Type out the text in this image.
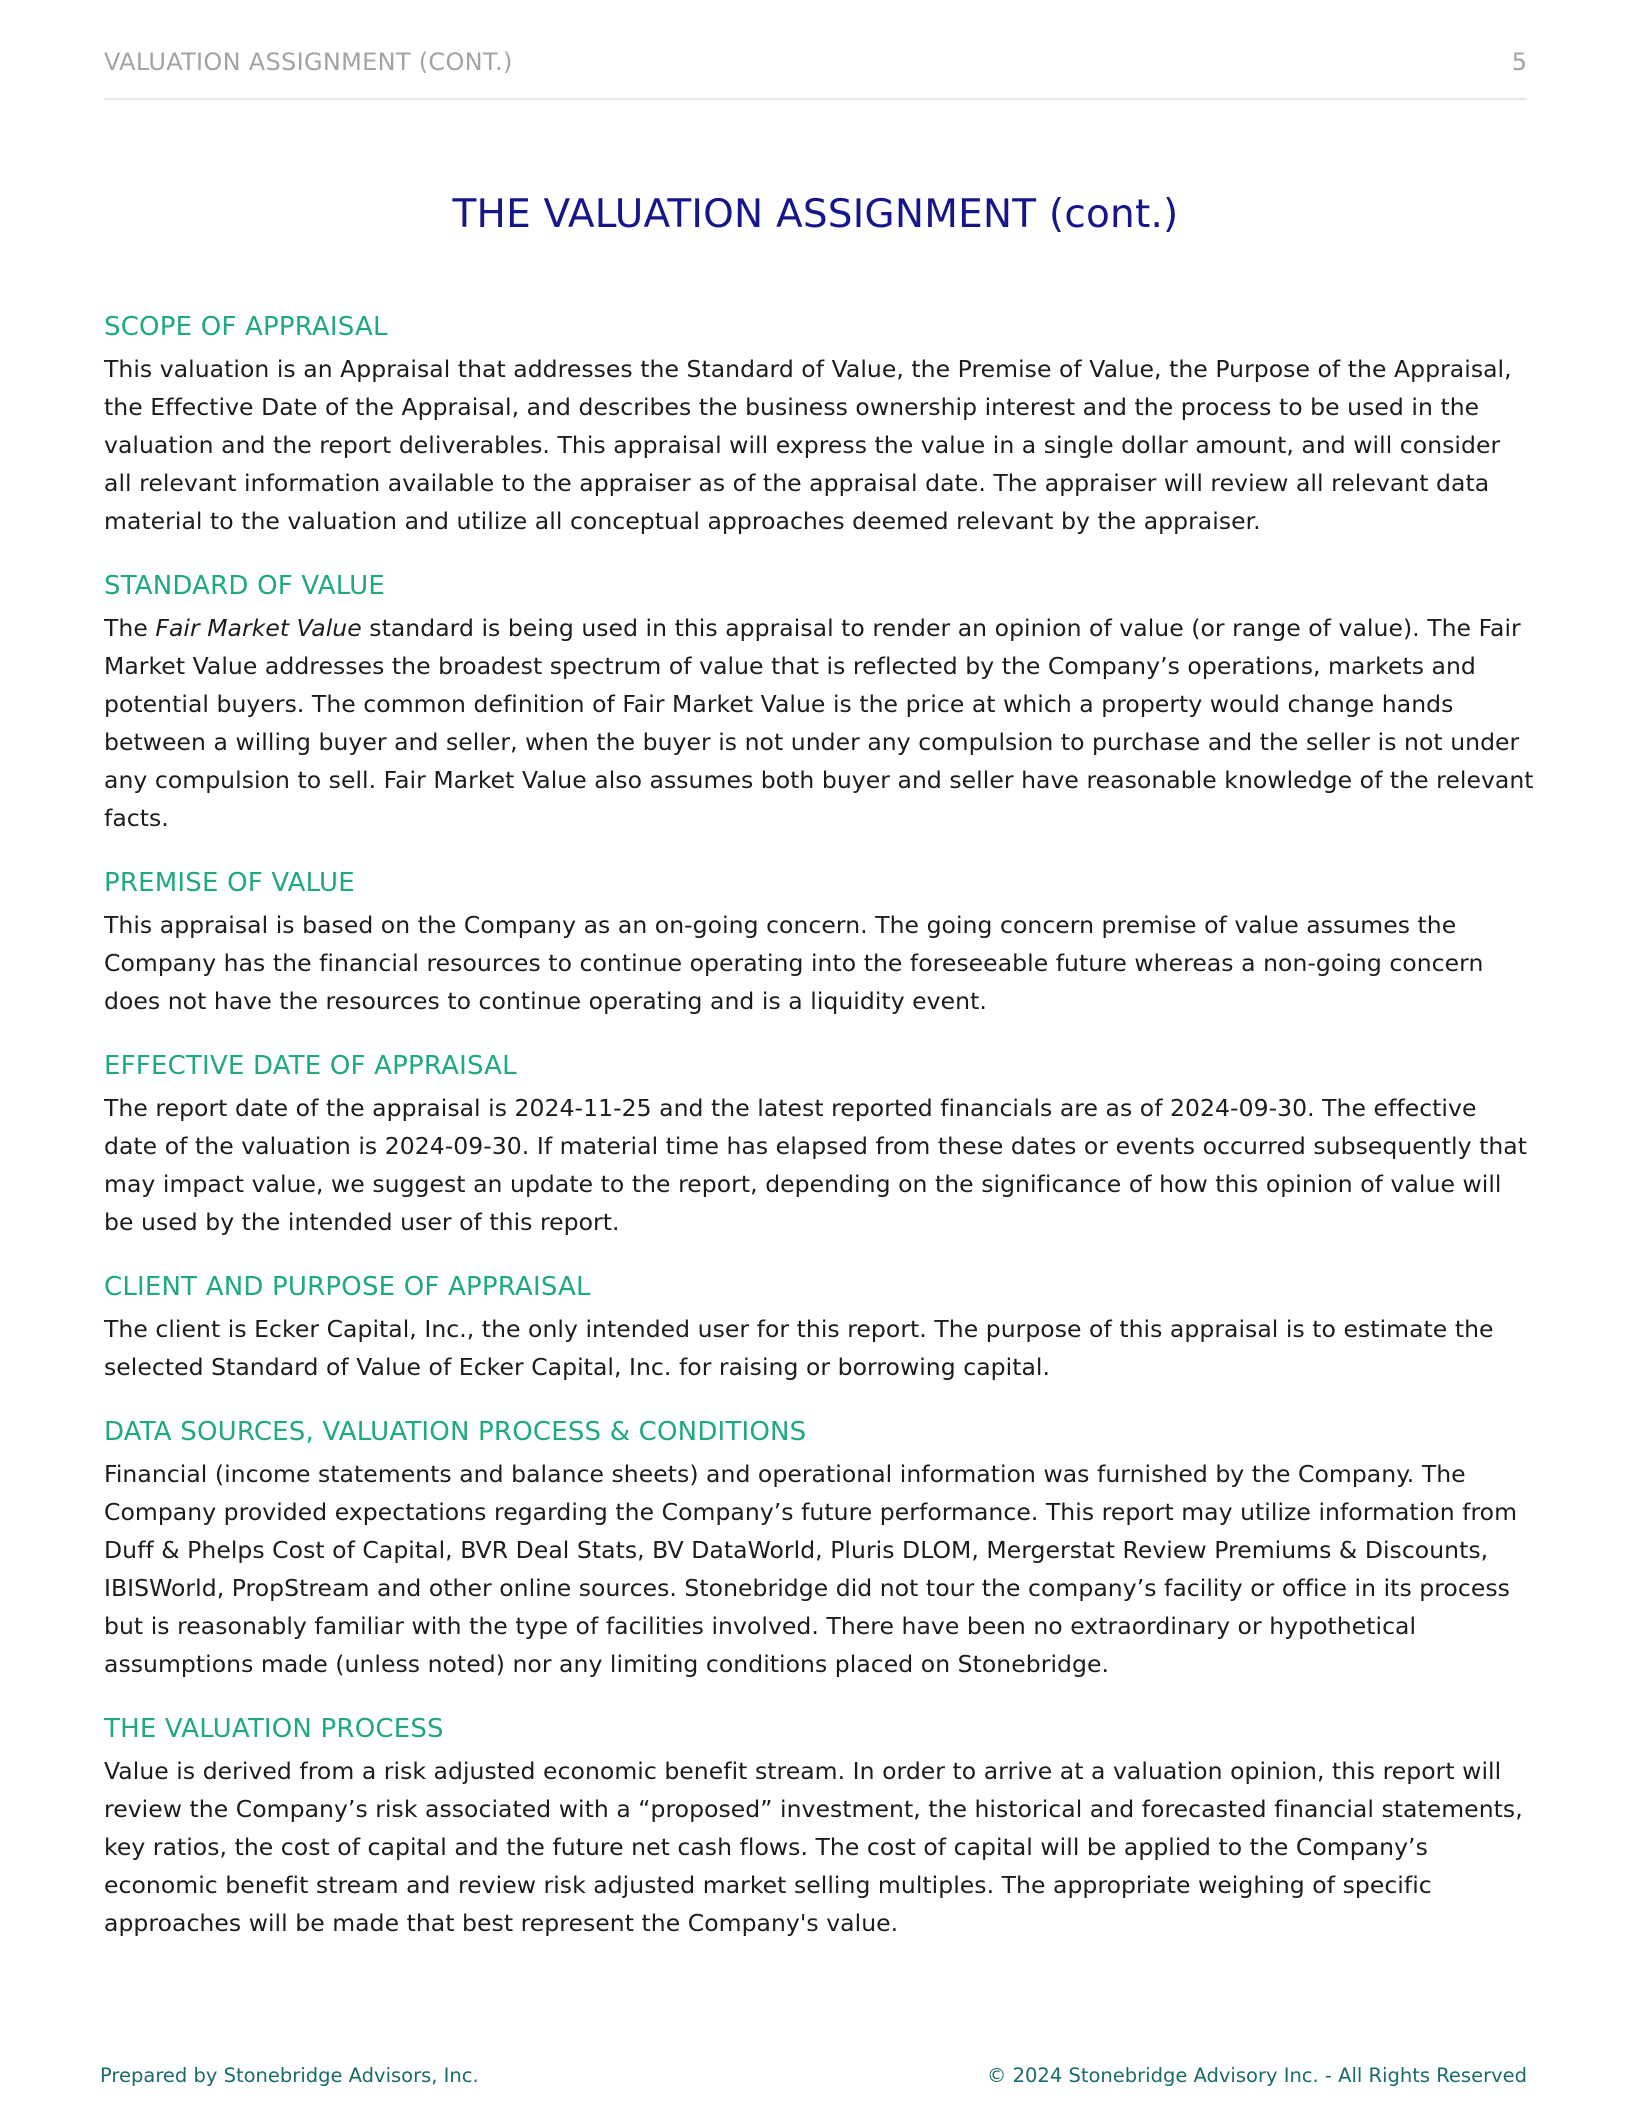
VALUATION ASSIGNMENT (CONT.)	5
THE VALUATION ASSIGNMENT (cont.)
SCOPE OF APPRAISAL

This valuation is an Appraisal that addresses the Standard of Value, the Premise of Value, the Purpose of the Appraisal, the Effective Date of the Appraisal, and describes the business ownership interest and the process to be used in the valuation and the report deliverables. This appraisal will express the value in a single dollar amount, and will consider all relevant information available to the appraiser as of the appraisal date. The appraiser will review all relevant data material to the valuation and utilize all conceptual approaches deemed relevant by the appraiser.

STANDARD OF VALUE

The Fair Market Value standard is being used in this appraisal to render an opinion of value (or range of value). The Fair Market Value addresses the broadest spectrum of value that is reflected by the Company’s operations, markets and potential buyers. The common definition of Fair Market Value is the price at which a property would change hands between a willing buyer and seller, when the buyer is not under any compulsion to purchase and the seller is not under any compulsion to sell. Fair Market Value also assumes both buyer and seller have reasonable knowledge of the relevant facts.

PREMISE OF VALUE

This appraisal is based on the Company as an on-going concern. The going concern premise of value assumes the Company has the financial resources to continue operating into the foreseeable future whereas a non-going concern does not have the resources to continue operating and is a liquidity event.

EFFECTIVE DATE OF APPRAISAL

The report date of the appraisal is 2024-11-25 and the latest reported financials are as of 2024-09-30. The effective date of the valuation is 2024-09-30. If material time has elapsed from these dates or events occurred subsequently that may impact value, we suggest an update to the report, depending on the significance of how this opinion of value will be used by the intended user of this report.

CLIENT AND PURPOSE OF APPRAISAL

The client is Ecker Capital, Inc., the only intended user for this report. The purpose of this appraisal is to estimate the selected Standard of Value of Ecker Capital, Inc. for raising or borrowing capital.

DATA SOURCES, VALUATION PROCESS & CONDITIONS

Financial (income statements and balance sheets) and operational information was furnished by the Company. The Company provided expectations regarding the Company’s future performance. This report may utilize information from Duff & Phelps Cost of Capital, BVR Deal Stats, BV DataWorld, Pluris DLOM, Mergerstat Review Premiums & Discounts, IBISWorld, PropStream and other online sources. Stonebridge did not tour the company’s facility or office in its process but is reasonably familiar with the type of facilities involved. There have been no extraordinary or hypothetical assumptions made (unless noted) nor any limiting conditions placed on Stonebridge.

THE VALUATION PROCESS

Value is derived from a risk adjusted economic benefit stream. In order to arrive at a valuation opinion, this report will review the Company’s risk associated with a “proposed” investment, the historical and forecasted financial statements, key ratios, the cost of capital and the future net cash flows. The cost of capital will be applied to the Company’s economic benefit stream and review risk adjusted market selling multiples. The appropriate weighing of specific approaches will be made that best represent the Company's value.

Prepared by Stonebridge Advisors, Inc.	© 2024 Stonebridge Advisory Inc. - All Rights Reserved
